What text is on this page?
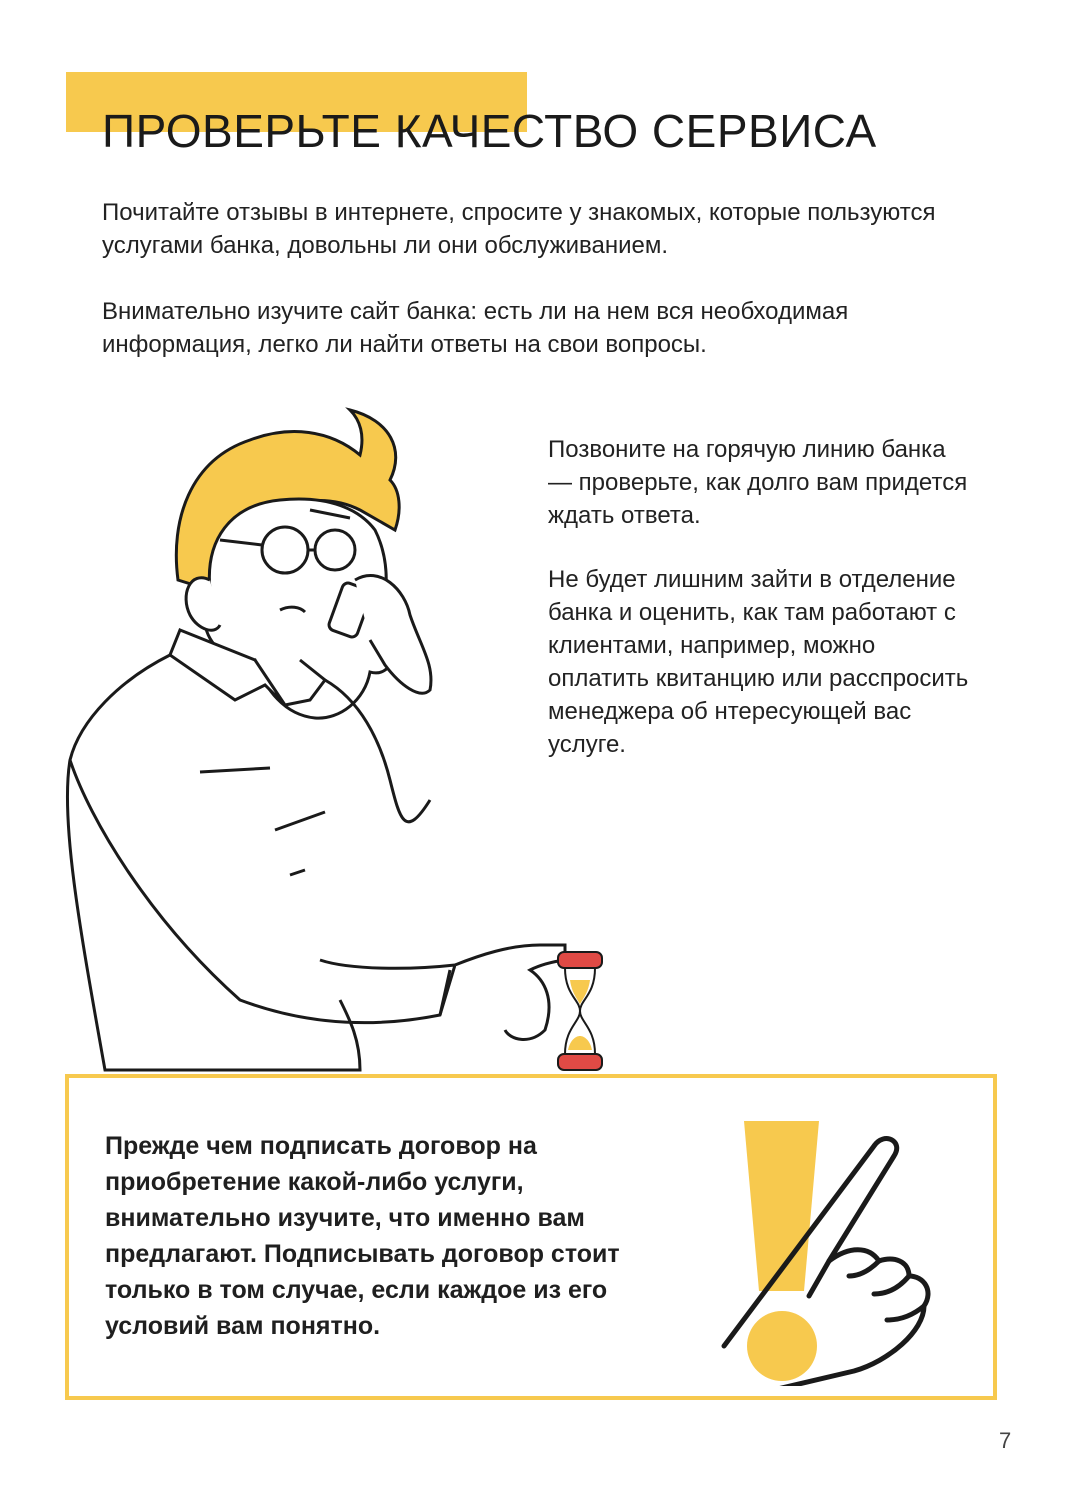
ПРОВЕРЬТЕ КАЧЕСТВО СЕРВИСА

Почитайте отзывы в интернете, спросите у знакомых, которые пользуются услугами банка, довольны ли они обслуживанием.

Внимательно изучите сайт банка: есть ли на нем вся необходимая информация, легко ли найти ответы на свои вопросы.

Позвоните на горячую линию банка — проверьте, как долго вам придется ждать ответа.

Не будет лишним зайти в отделение банка и оценить, как там работают с клиентами, например, можно оплатить квитанцию или расспросить менеджера об нтересующей вас услуге.

Прежде чем подписать договор на приобретение какой-либо услуги, внимательно изучите, что именно вам предлагают. Подписывать договор стоит только в том случае, если каждое из его условий вам понятно.

7
